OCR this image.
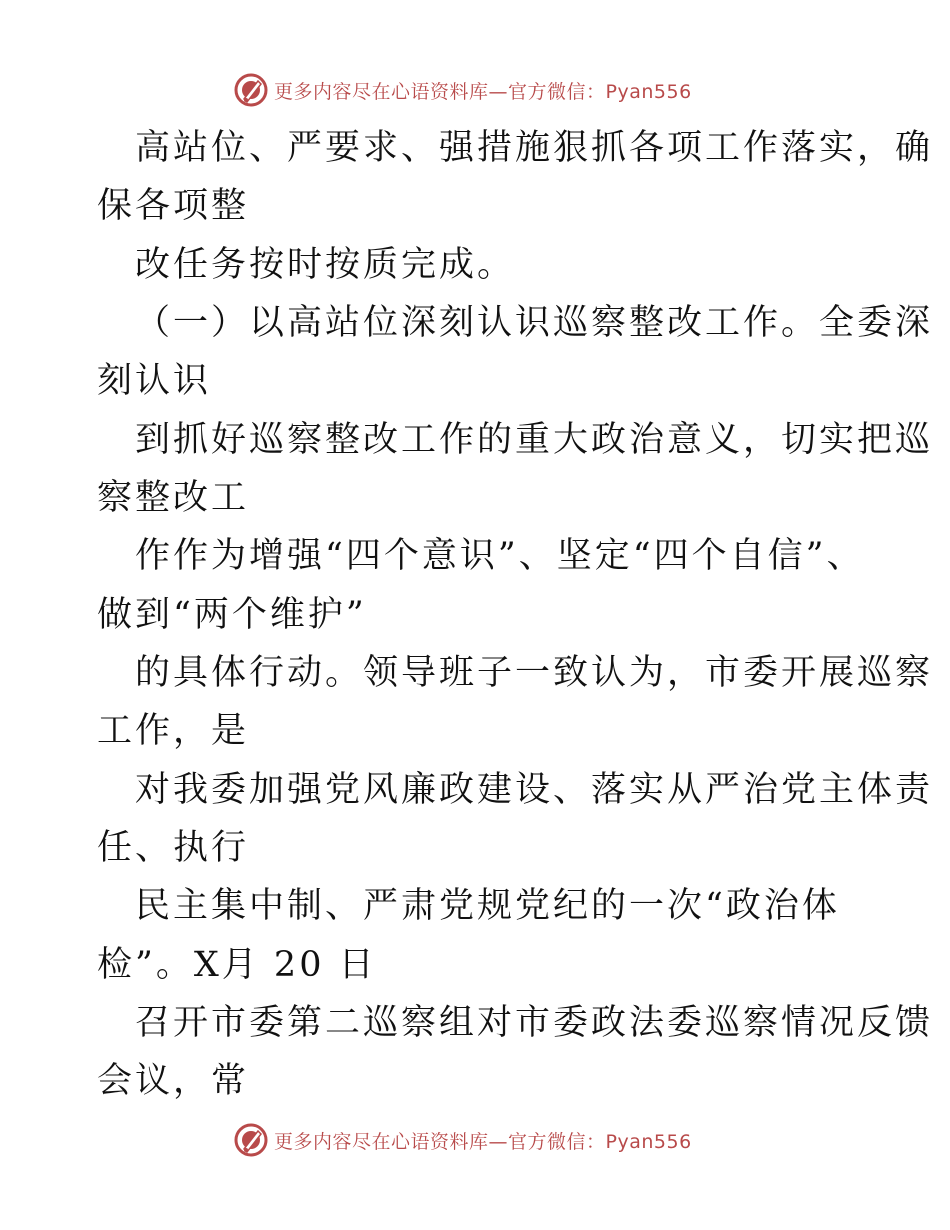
更多内容尽在心语资料库—官方微信：Pyan556
高站位、严要求、强措施狠抓各项工作落实，确
保各项整
改任务按时按质完成。
（一）以高站位深刻认识巡察整改工作。全委深
刻认识
到抓好巡察整改工作的重大政治意义，切实把巡
察整改工
作作为增强“四个意识”、坚定“四个自信”、
做到“两个维护”
的具体行动。领导班子一致认为，市委开展巡察
工作，是
对我委加强党风廉政建设、落实从严治党主体责
任、执行
民主集中制、严肃党规党纪的一次“政治体
检”。X月 20 日
召开市委第二巡察组对市委政法委巡察情况反馈
会议，常
更多内容尽在心语资料库—官方微信：Pyan556
